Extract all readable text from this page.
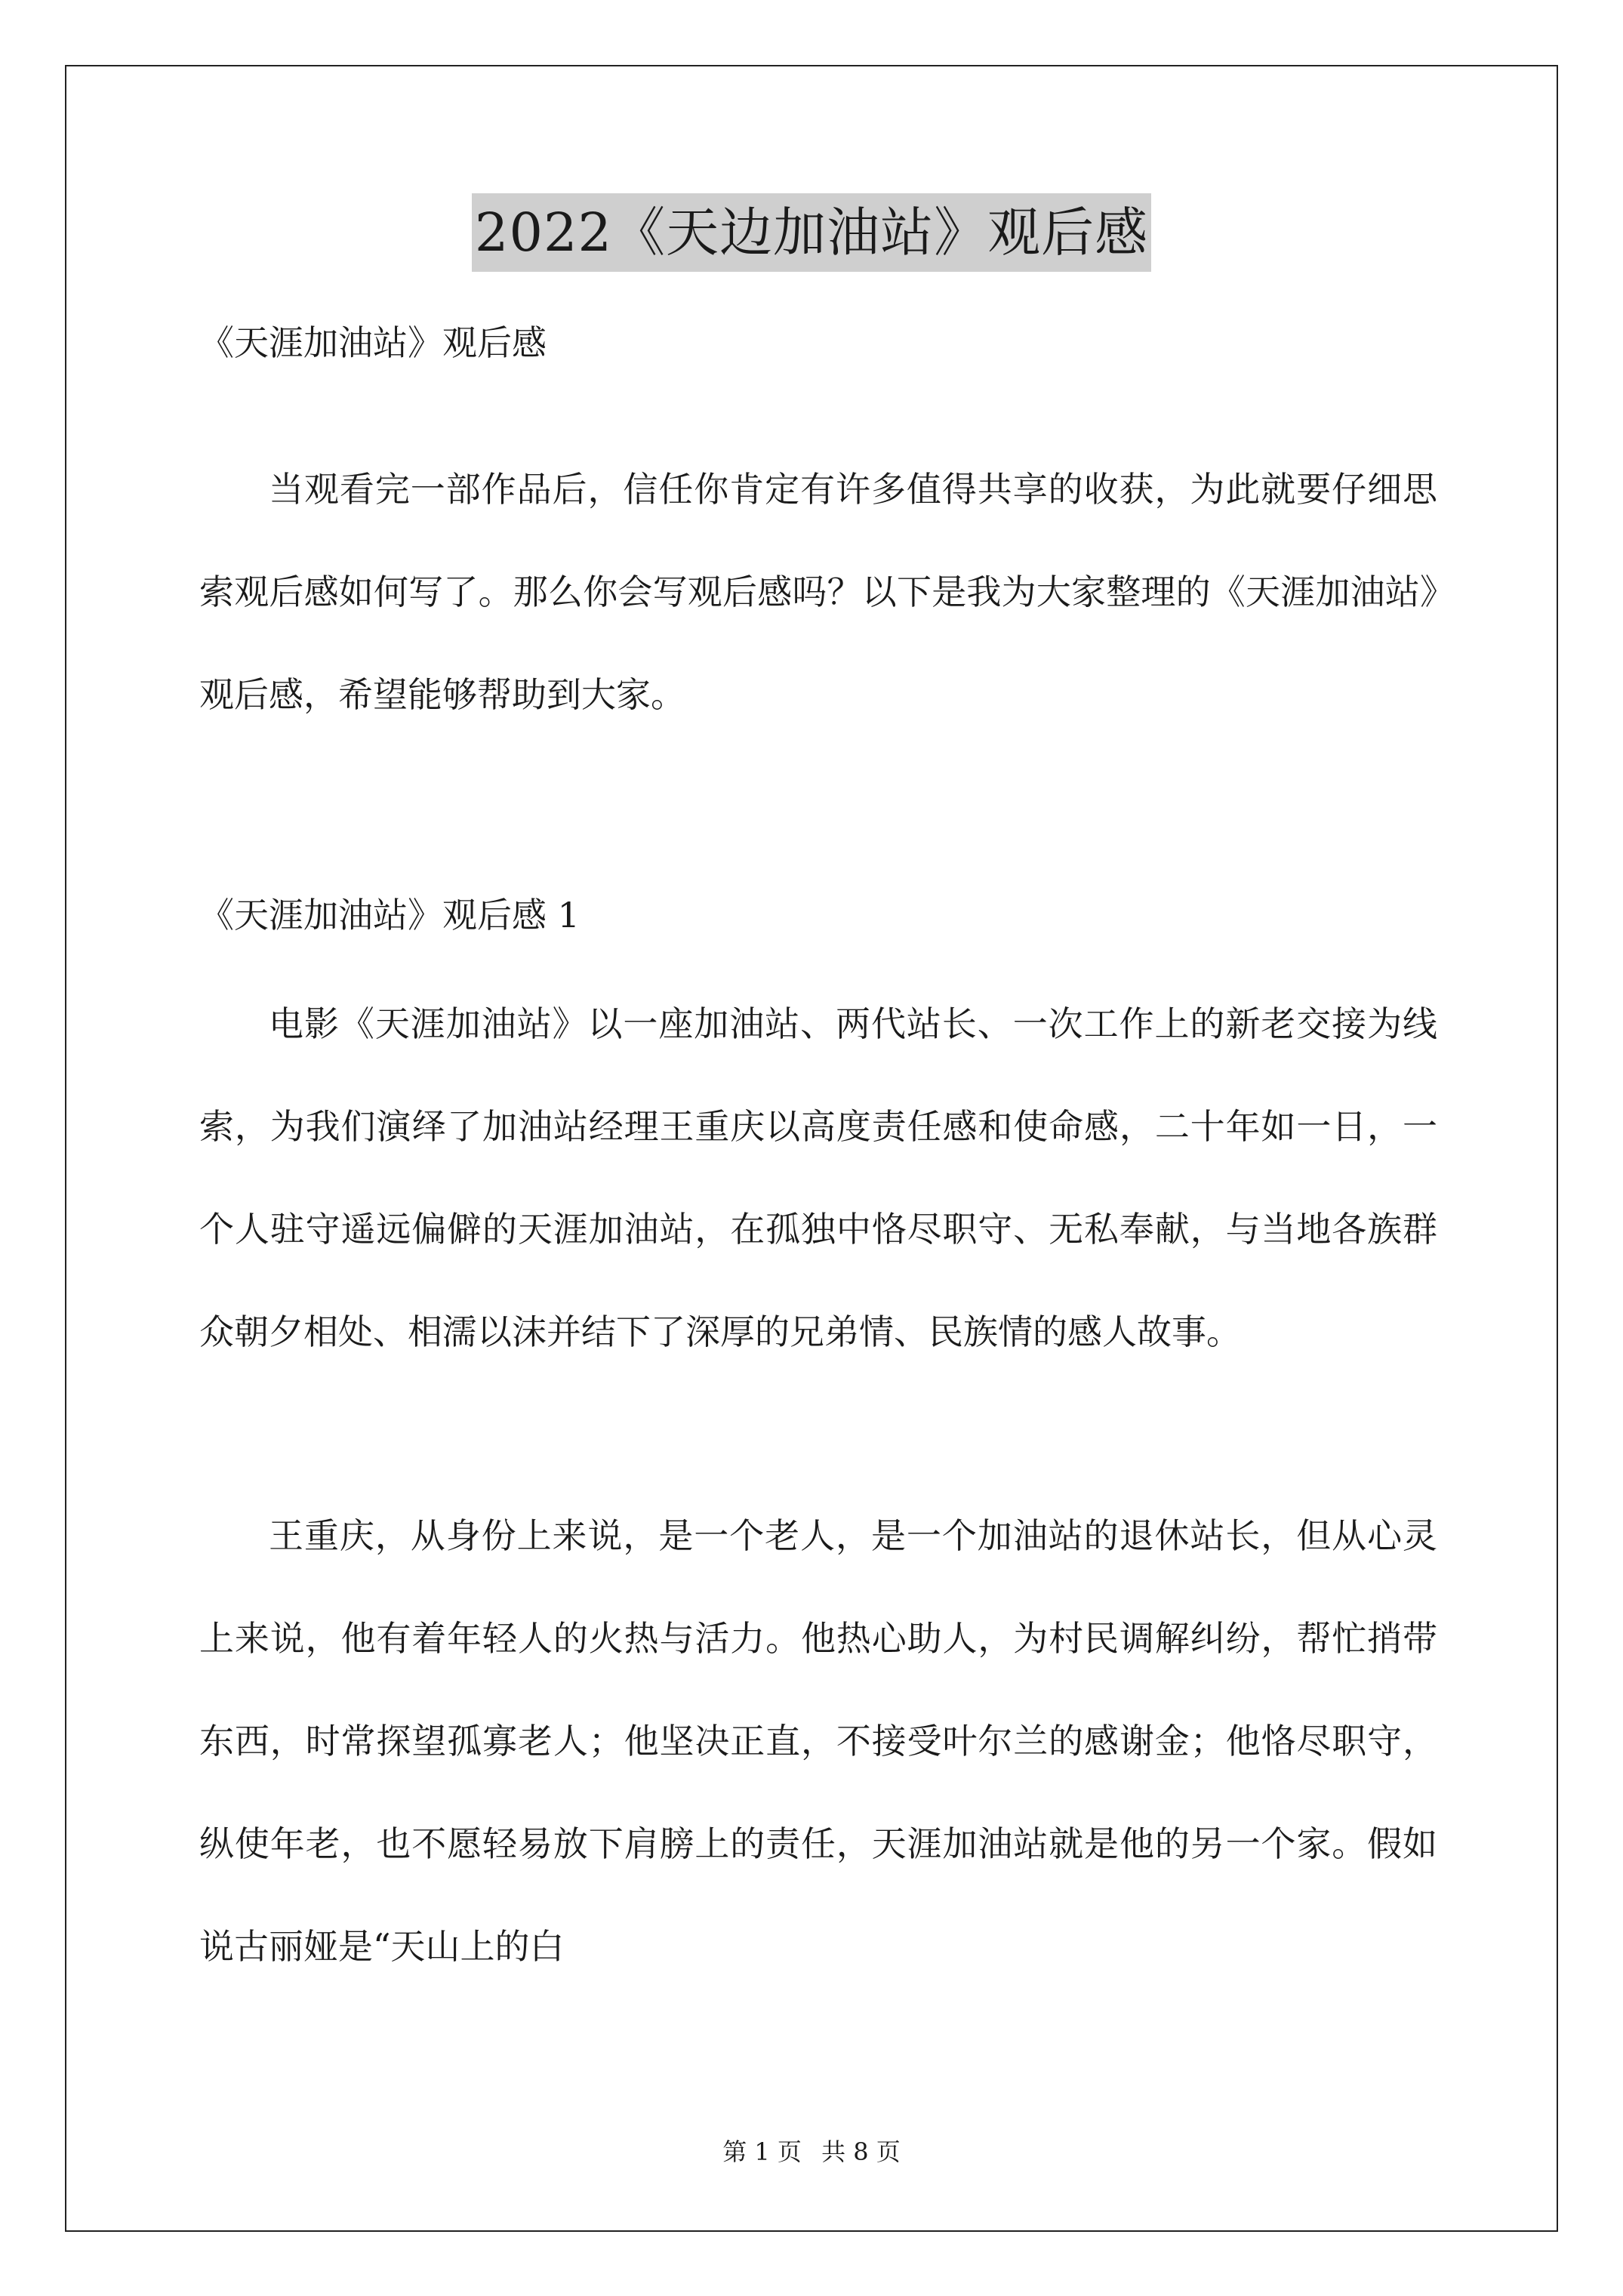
2022《天边加油站》观后感

《天涯加油站》观后感

当观看完一部作品后，信任你肯定有许多值得共享的收获，为此就要仔细思索观后感如何写了。那么你会写观后感吗？以下是我为大家整理的《天涯加油站》观后感，希望能够帮助到大家。

《天涯加油站》观后感 1

电影《天涯加油站》以一座加油站、两代站长、一次工作上的新老交接为线索，为我们演绎了加油站经理王重庆以高度责任感和使命感，二十年如一日，一个人驻守遥远偏僻的天涯加油站，在孤独中恪尽职守、无私奉献，与当地各族群众朝夕相处、相濡以沫并结下了深厚的兄弟情、民族情的感人故事。

王重庆，从身份上来说，是一个老人，是一个加油站的退休站长，但从心灵上来说，他有着年轻人的火热与活力。他热心助人，为村民调解纠纷，帮忙捎带东西，时常探望孤寡老人；他坚决正直，不接受叶尔兰的感谢金；他恪尽职守，纵使年老，也不愿轻易放下肩膀上的责任，天涯加油站就是他的另一个家。假如说古丽娅是“天山上的白

第 1 页 共 8 页
